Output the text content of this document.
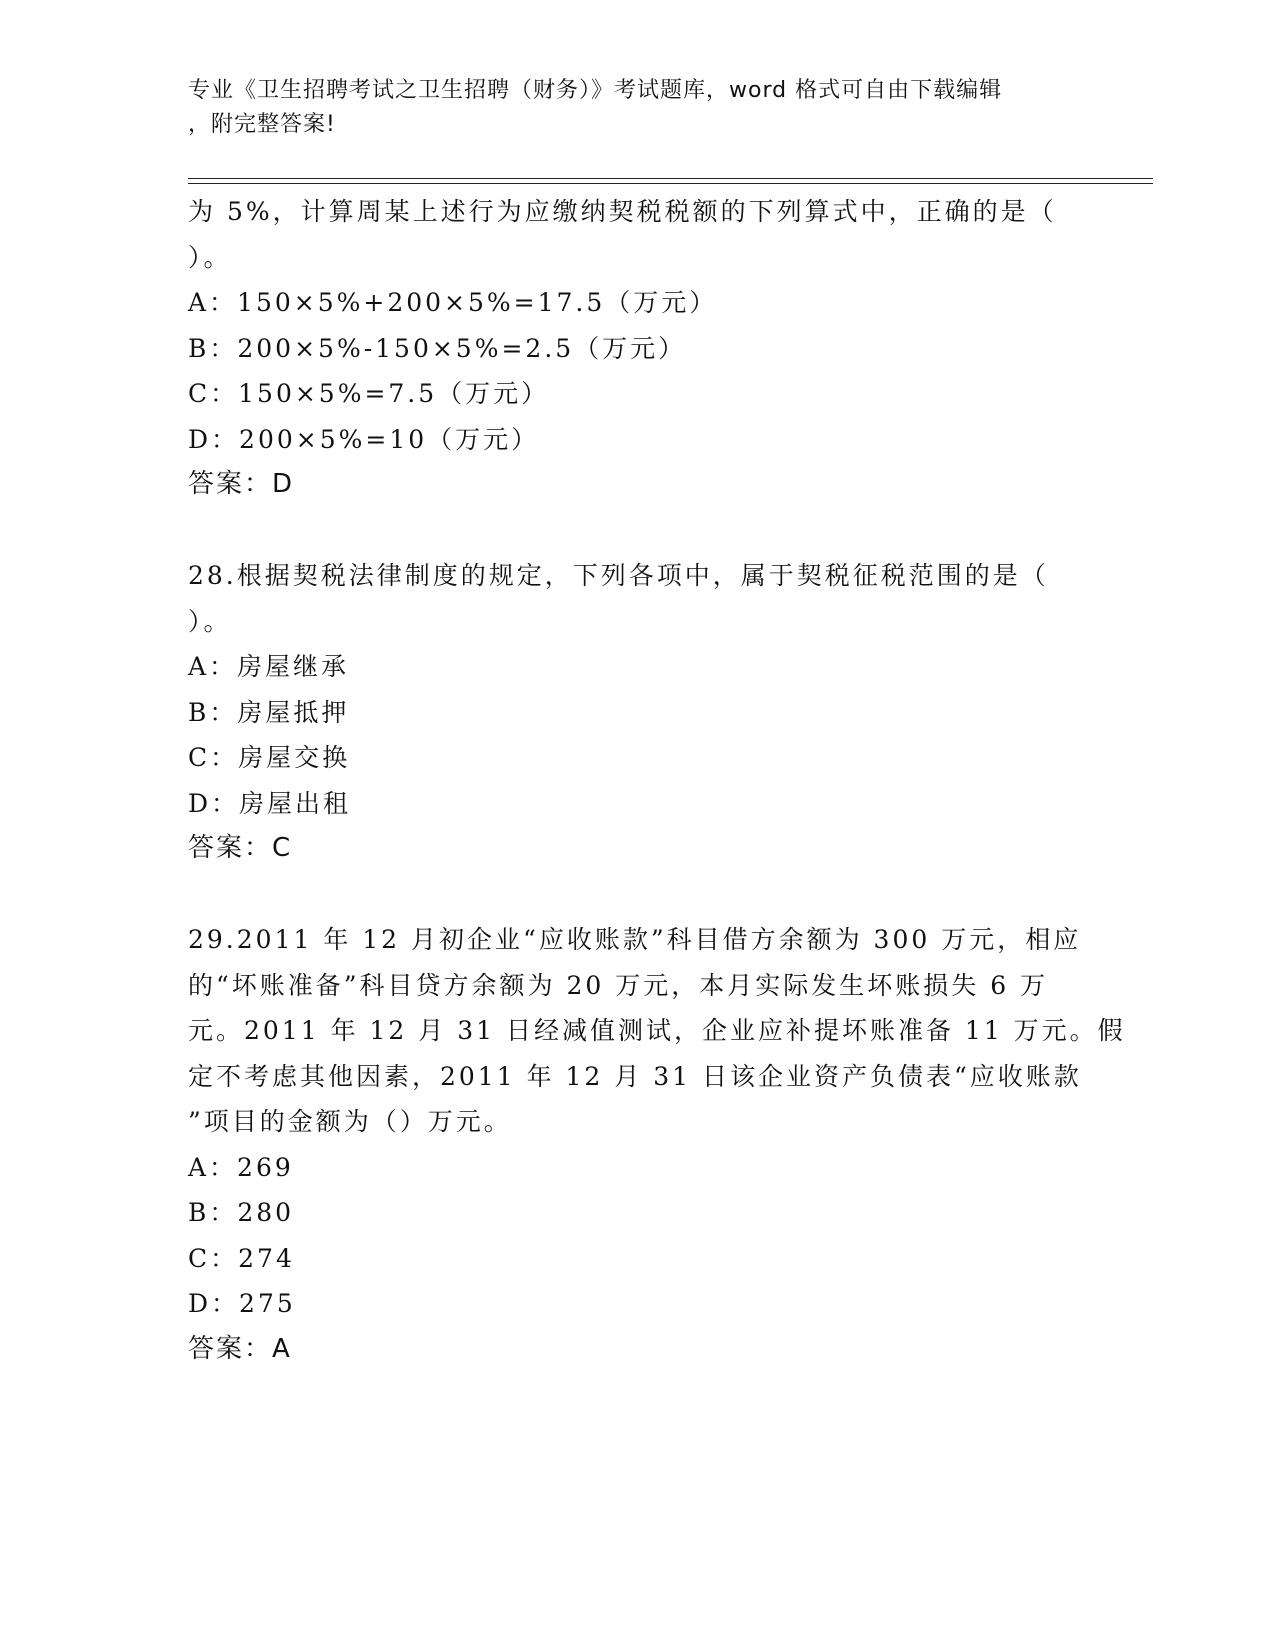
专业《卫生招聘考试之卫生招聘（财务）》考试题库，word 格式可自由下载编辑
，附完整答案!
为 5%，计算周某上述行为应缴纳契税税额的下列算式中，正确的是（
）。
A：150×5%+200×5%=17.5（万元）
B：200×5%-150×5%=2.5（万元）
C：150×5%=7.5（万元）
D：200×5%=10（万元）
答案：D
28.根据契税法律制度的规定，下列各项中，属于契税征税范围的是（
）。
A：房屋继承
B：房屋抵押
C：房屋交换
D：房屋出租
答案：C
29.2011 年 12 月初企业“应收账款”科目借方余额为 300 万元，相应
的“坏账准备”科目贷方余额为 20 万元，本月实际发生坏账损失 6 万
元。2011 年 12 月 31 日经减值测试，企业应补提坏账准备 11 万元。假
定不考虑其他因素，2011 年 12 月 31 日该企业资产负债表“应收账款
”项目的金额为（）万元。
A：269
B：280
C：274
D：275
答案：A
